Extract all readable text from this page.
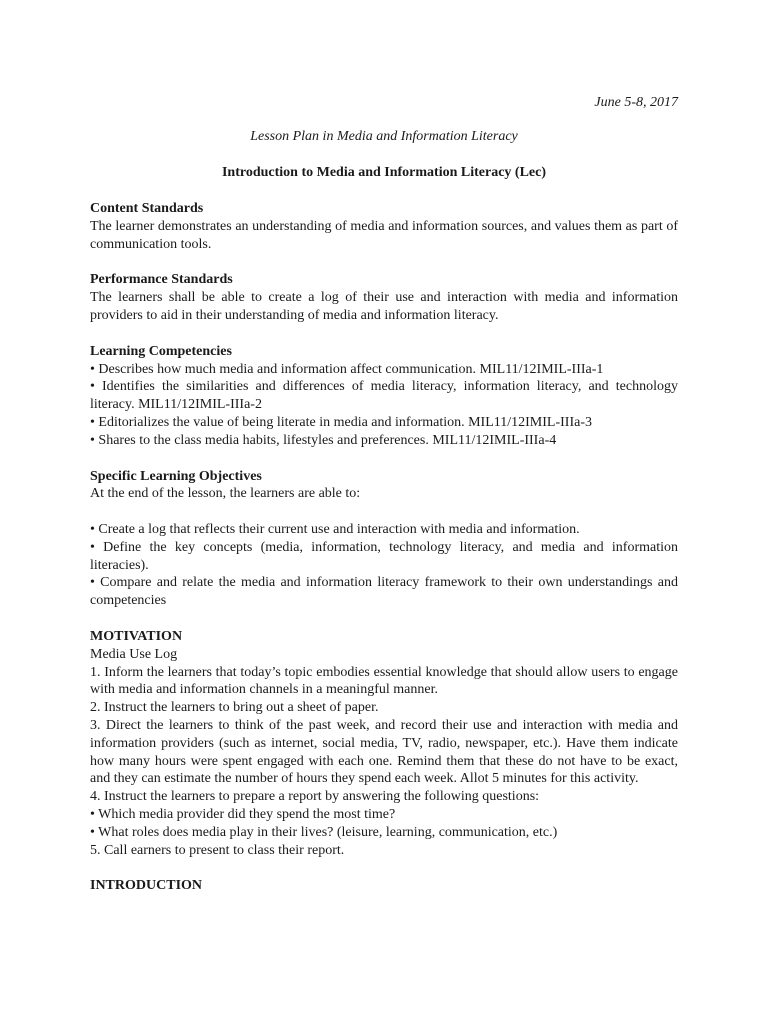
June 5-8, 2017

Lesson Plan in Media and Information Literacy

Introduction to Media and Information Literacy (Lec)

Content Standards

The learner demonstrates an understanding of media and information sources, and values them as part of communication tools.

Performance Standards

The learners shall be able to create a log of their use and interaction with media and information providers to aid in their understanding of media and information literacy.

Learning Competencies

• Describes how much media and information affect communication. MIL11/12IMIL-IIIa-1

• Identifies the similarities and differences of media literacy, information literacy, and technology literacy. MIL11/12IMIL-IIIa-2

• Editorializes the value of being literate in media and information. MIL11/12IMIL-IIIa-3

• Shares to the class media habits, lifestyles and preferences. MIL11/12IMIL-IIIa-4

Specific Learning Objectives

At the end of the lesson, the learners are able to:

• Create a log that reflects their current use and interaction with media and information.

• Define the key concepts (media, information, technology literacy, and media and information literacies).

• Compare and relate the media and information literacy framework to their own understandings and competencies

MOTIVATION

Media Use Log

1. Inform the learners that today’s topic embodies essential knowledge that should allow users to engage with media and information channels in a meaningful manner.

2. Instruct the learners to bring out a sheet of paper.

3. Direct the learners to think of the past week, and record their use and interaction with media and information providers (such as internet, social media, TV, radio, newspaper, etc.). Have them indicate how many hours were spent engaged with each one. Remind them that these do not have to be exact, and they can estimate the number of hours they spend each week. Allot 5 minutes for this activity.

4. Instruct the learners to prepare a report by answering the following questions:

• Which media provider did they spend the most time?

• What roles does media play in their lives? (leisure, learning, communication, etc.)

5. Call earners to present to class their report.

INTRODUCTION
